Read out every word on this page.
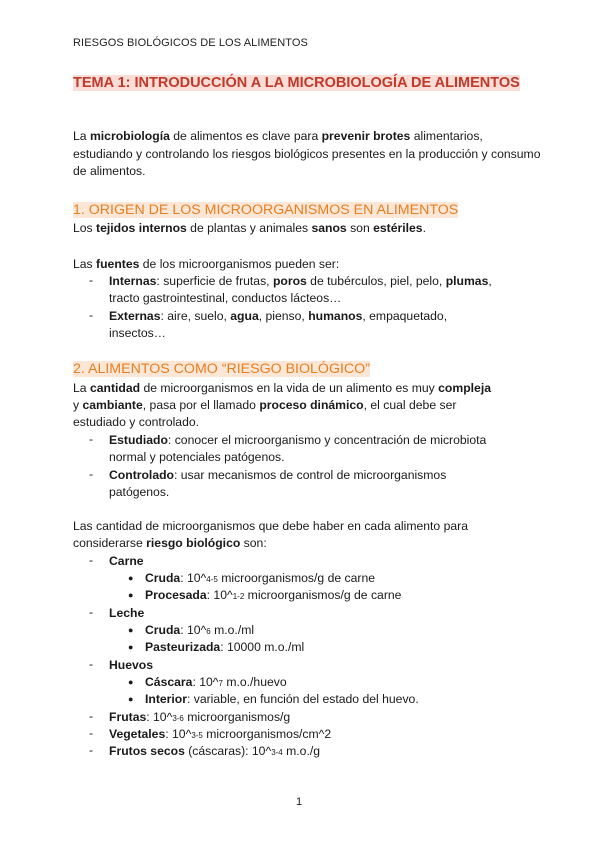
RIESGOS BIOLÓGICOS DE LOS ALIMENTOS
TEMA 1: INTRODUCCIÓN A LA MICROBIOLOGÍA DE ALIMENTOS
La microbiología de alimentos es clave para prevenir brotes alimentarios, estudiando y controlando los riesgos biológicos presentes en la producción y consumo de alimentos.
1. ORIGEN DE LOS MICROORGANISMOS EN ALIMENTOS
Los tejidos internos de plantas y animales sanos son estériles.
Las fuentes de los microorganismos pueden ser:
- Internas: superficie de frutas, poros de tubérculos, piel, pelo, plumas,
tracto gastrointestinal, conductos lácteos…
- Externas: aire, suelo, agua, pienso, humanos, empaquetado,
insectos…
2. ALIMENTOS COMO “RIESGO BIOLÓGICO”
La cantidad de microorganismos en la vida de un alimento es muy compleja
y cambiante, pasa por el llamado proceso dinámico, el cual debe ser
estudiado y controlado.
- Estudiado: conocer el microorganismo y concentración de microbiota
normal y potenciales patógenos.
- Controlado: usar mecanismos de control de microorganismos
patógenos.
Las cantidad de microorganismos que debe haber en cada alimento para
considerarse riesgo biológico son:
- Carne
● Cruda: 10^4-5 microorganismos/g de carne
● Procesada: 10^1-2 microorganismos/g de carne
- Leche
● Cruda: 10^6 m.o./ml
● Pasteurizada: 10000 m.o./ml
- Huevos
● Cáscara: 10^7 m.o./huevo
● Interior: variable, en función del estado del huevo.
- Frutas: 10^3-6 microorganismos/g
- Vegetales: 10^3-5 microorganismos/cm^2
- Frutos secos (cáscaras): 10^3-4 m.o./g
1
